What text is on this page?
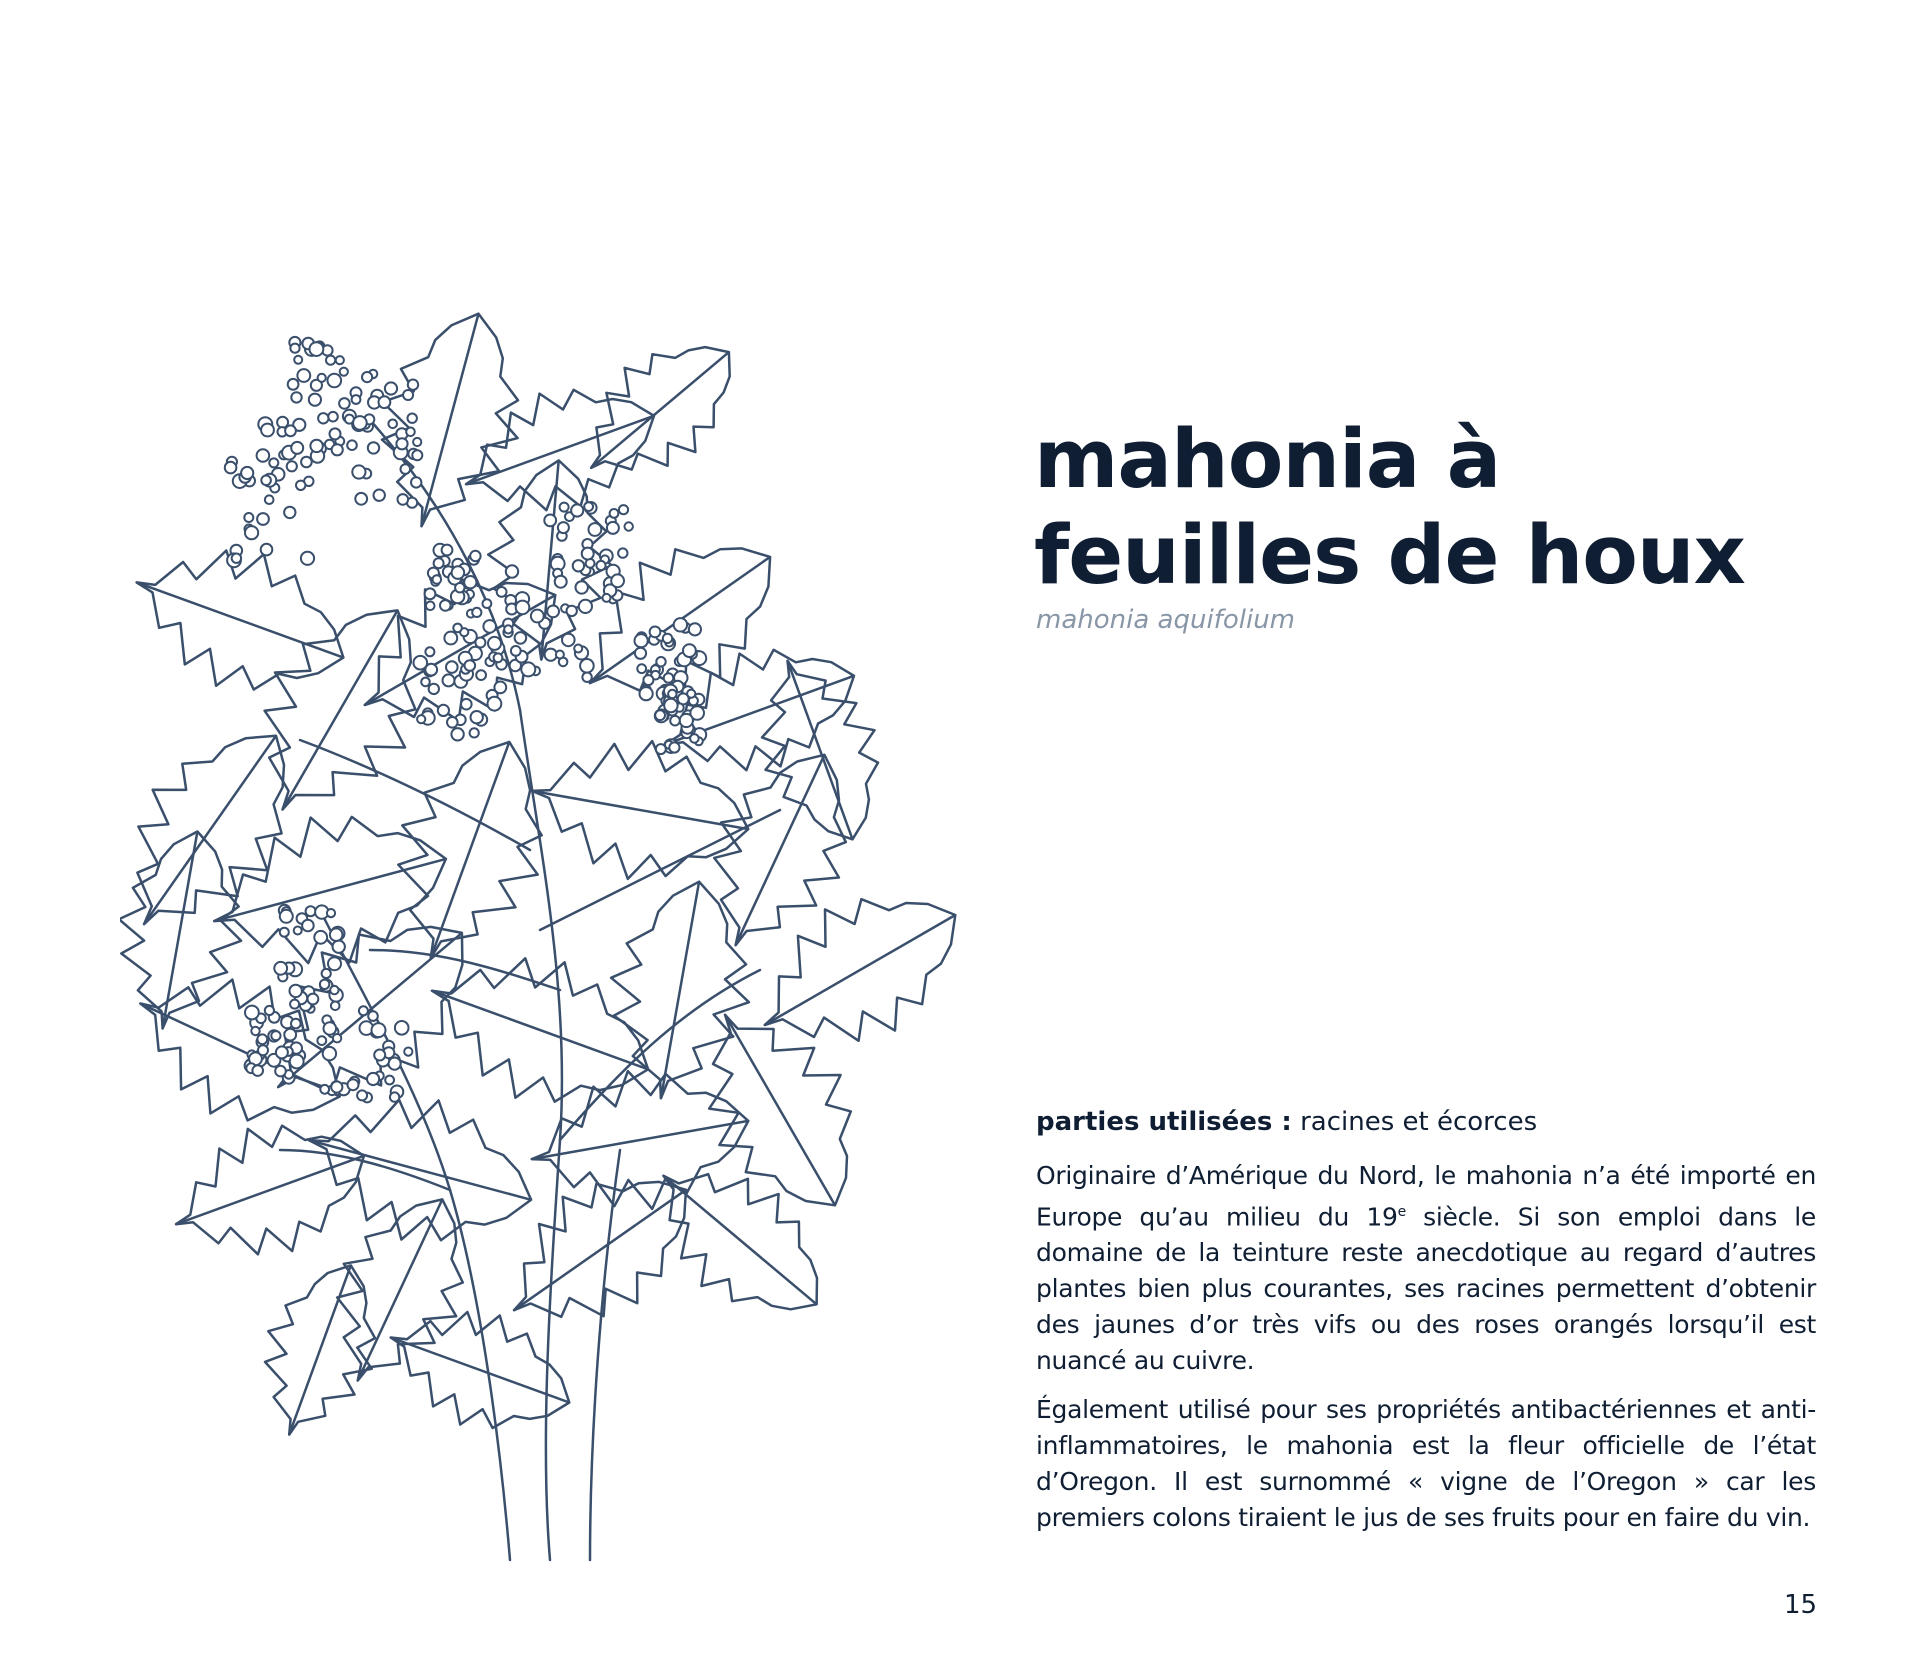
mahonia à
feuilles de houx
mahonia aquifolium
parties utilisées : racines et écorces

Originaire d’Amérique du Nord, le mahonia n’a été importé en Europe qu’au milieu du 19e siècle. Si son emploi dans le domaine de la teinture reste anecdotique au regard d’autres plantes bien plus courantes, ses racines permettent d’obtenir des jaunes d’or très vifs ou des roses orangés lorsqu’il est nuancé au cuivre.

Également utilisé pour ses propriétés antibactériennes et anti-inflammatoires, le mahonia est la fleur officielle de l’état d’Oregon. Il est surnommé « vigne de l’Oregon » car les premiers colons tiraient le jus de ses fruits pour en faire du vin.

15
